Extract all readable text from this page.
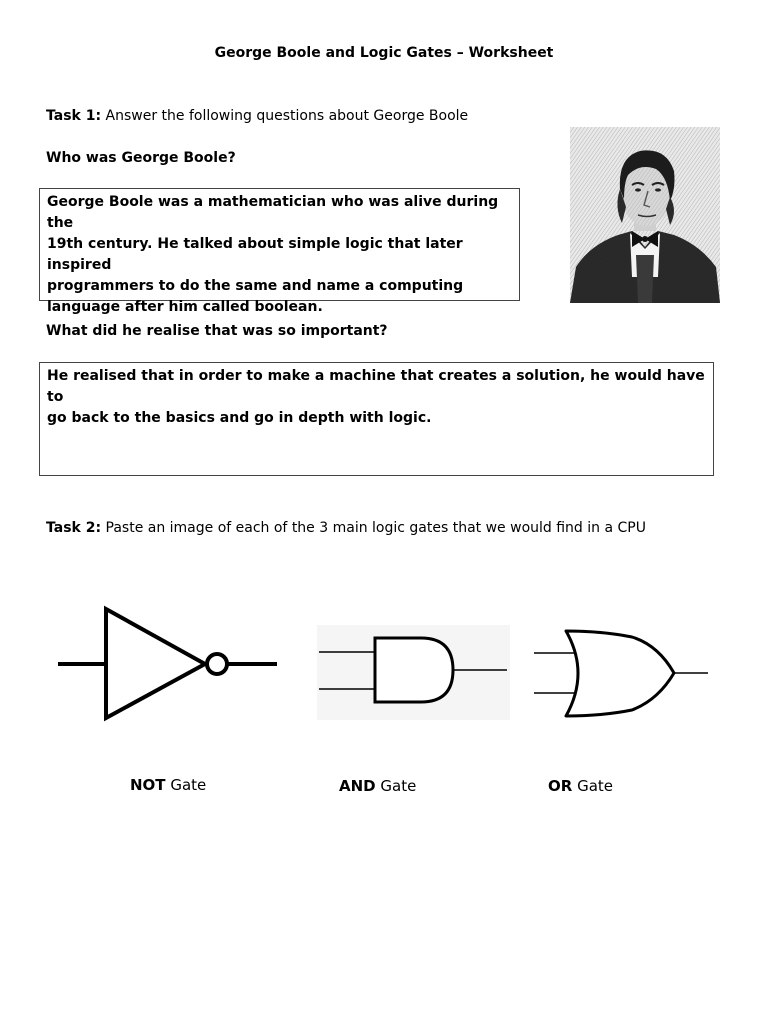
George Boole and Logic Gates – Worksheet
Task 1: Answer the following questions about George Boole
Who was George Boole?
George Boole was a mathematician who was alive during the
19th century. He talked about simple logic that later inspired
programmers to do the same and name a computing
language after him called boolean.
What did he realise that was so important?
He realised that in order to make a machine that creates a solution, he would have to
go back to the basics and go in depth with logic.
Task 2: Paste an image of each of the 3 main logic gates that we would find in a CPU
NOT Gate	AND Gate	OR Gate
